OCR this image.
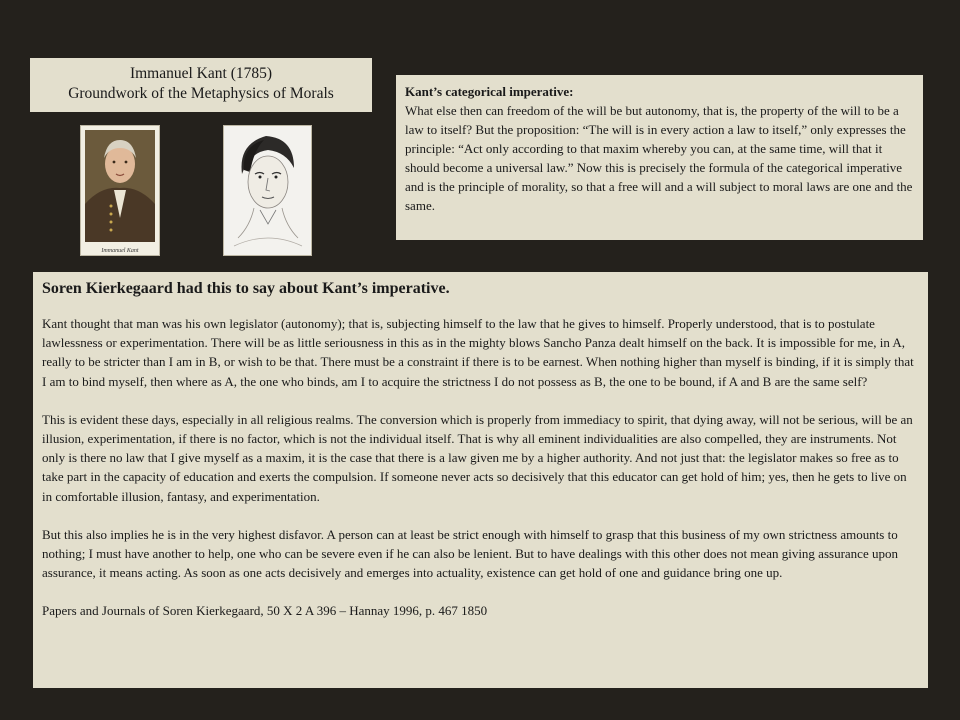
Immanuel Kant (1785)
Groundwork of the Metaphysics of Morals
Immanuel Kant
Kant’s categorical imperative:
What else then can freedom of the will be but autonomy, that is, the property of the will to be a law to itself? But the proposition: “The will is in every action a law to itself,” only expresses the principle: “Act only according to that maxim whereby you can, at the same time, will that it should become a universal law.” Now this is precisely the formula of the categorical imperative and is the principle of morality, so that a free will and a will subject to moral laws are one and the same.
Soren Kierkegaard had this to say about Kant’s imperative.

Kant thought that man was his own legislator (autonomy); that is, subjecting himself to the law that he gives to himself. Properly understood, that is to postulate lawlessness or experimentation. There will be as little seriousness in this as in the mighty blows Sancho Panza dealt himself on the back. It is impossible for me, in A, really to be stricter than I am in B, or wish to be that. There must be a constraint if there is to be earnest. When nothing higher than myself is binding, if it is simply that I am to bind myself, then where as A, the one who binds, am I to acquire the strictness I do not possess as B, the one to be bound, if A and B are the same self?

This is evident these days, especially in all religious realms. The conversion which is properly from immediacy to spirit, that dying away, will not be serious, will be an illusion, experimentation, if there is no factor, which is not the individual itself. That is why all eminent individualities are also compelled, they are instruments. Not only is there no law that I give myself as a maxim, it is the case that there is a law given me by a higher authority. And not just that: the legislator makes so free as to take part in the capacity of education and exerts the compulsion. If someone never acts so decisively that this educator can get hold of him; yes, then he gets to live on in comfortable illusion, fantasy, and experimentation.

But this also implies he is in the very highest disfavor. A person can at least be strict enough with himself to grasp that this business of my own strictness amounts to nothing; I must have another to help, one who can be severe even if he can also be lenient. But to have dealings with this other does not mean giving assurance upon assurance, it means acting. As soon as one acts decisively and emerges into actuality, existence can get hold of one and guidance bring one up.

Papers and Journals of Soren Kierkegaard, 50 X 2 A 396 – Hannay 1996, p. 467 1850
